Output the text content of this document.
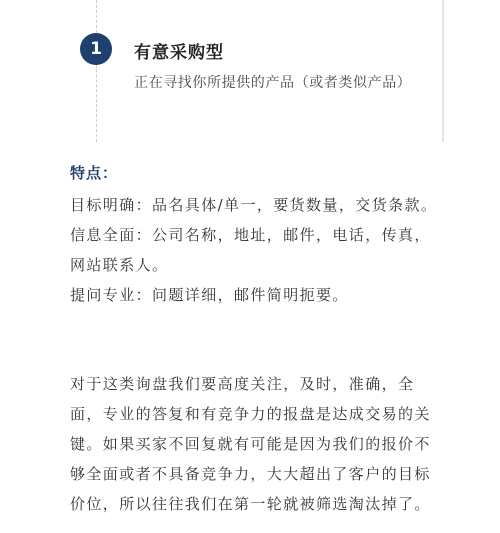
1	有意采购型
正在寻找你所提供的产品（或者类似产品）
特点：
目标明确：品名具体/单一，要货数量，交货条款。
信息全面：公司名称，地址，邮件，电话，传真，网站联系人。
提问专业：问题详细，邮件简明扼要。

对于这类询盘我们要高度关注，及时，准确，全面，专业的答复和有竞争力的报盘是达成交易的关键。如果买家不回复就有可能是因为我们的报价不够全面或者不具备竞争力，大大超出了客户的目标价位，所以往往我们在第一轮就被筛选淘汰掉了。
